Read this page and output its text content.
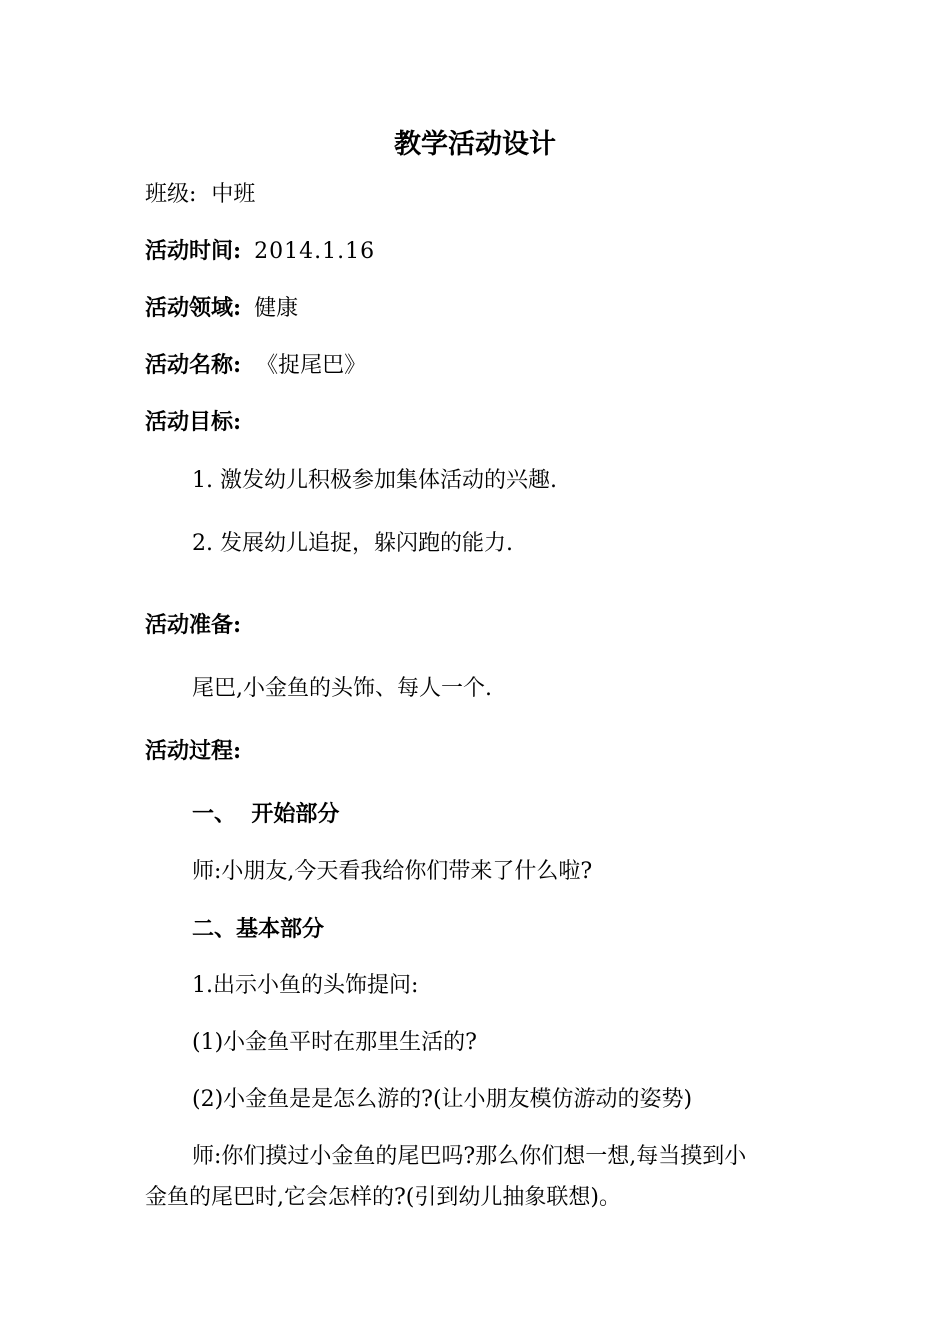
教学活动设计
班级: 中班
活动时间: 2014.1.16
活动领域: 健康
活动名称: 《捉尾巴》
活动目标:
1. 激发幼儿积极参加集体活动的兴趣.
2. 发展幼儿追捉，躲闪跑的能力.
活动准备:
尾巴,小金鱼的头饰、每人一个.
活动过程:
一、  开始部分
师:小朋友,今天看我给你们带来了什么啦?
二、基本部分
1.出示小鱼的头饰提问:
(1)小金鱼平时在那里生活的?
(2)小金鱼是是怎么游的?(让小朋友模仿游动的姿势)
师:你们摸过小金鱼的尾巴吗?那么你们想一想,每当摸到小
金鱼的尾巴时,它会怎样的?(引到幼儿抽象联想)。
